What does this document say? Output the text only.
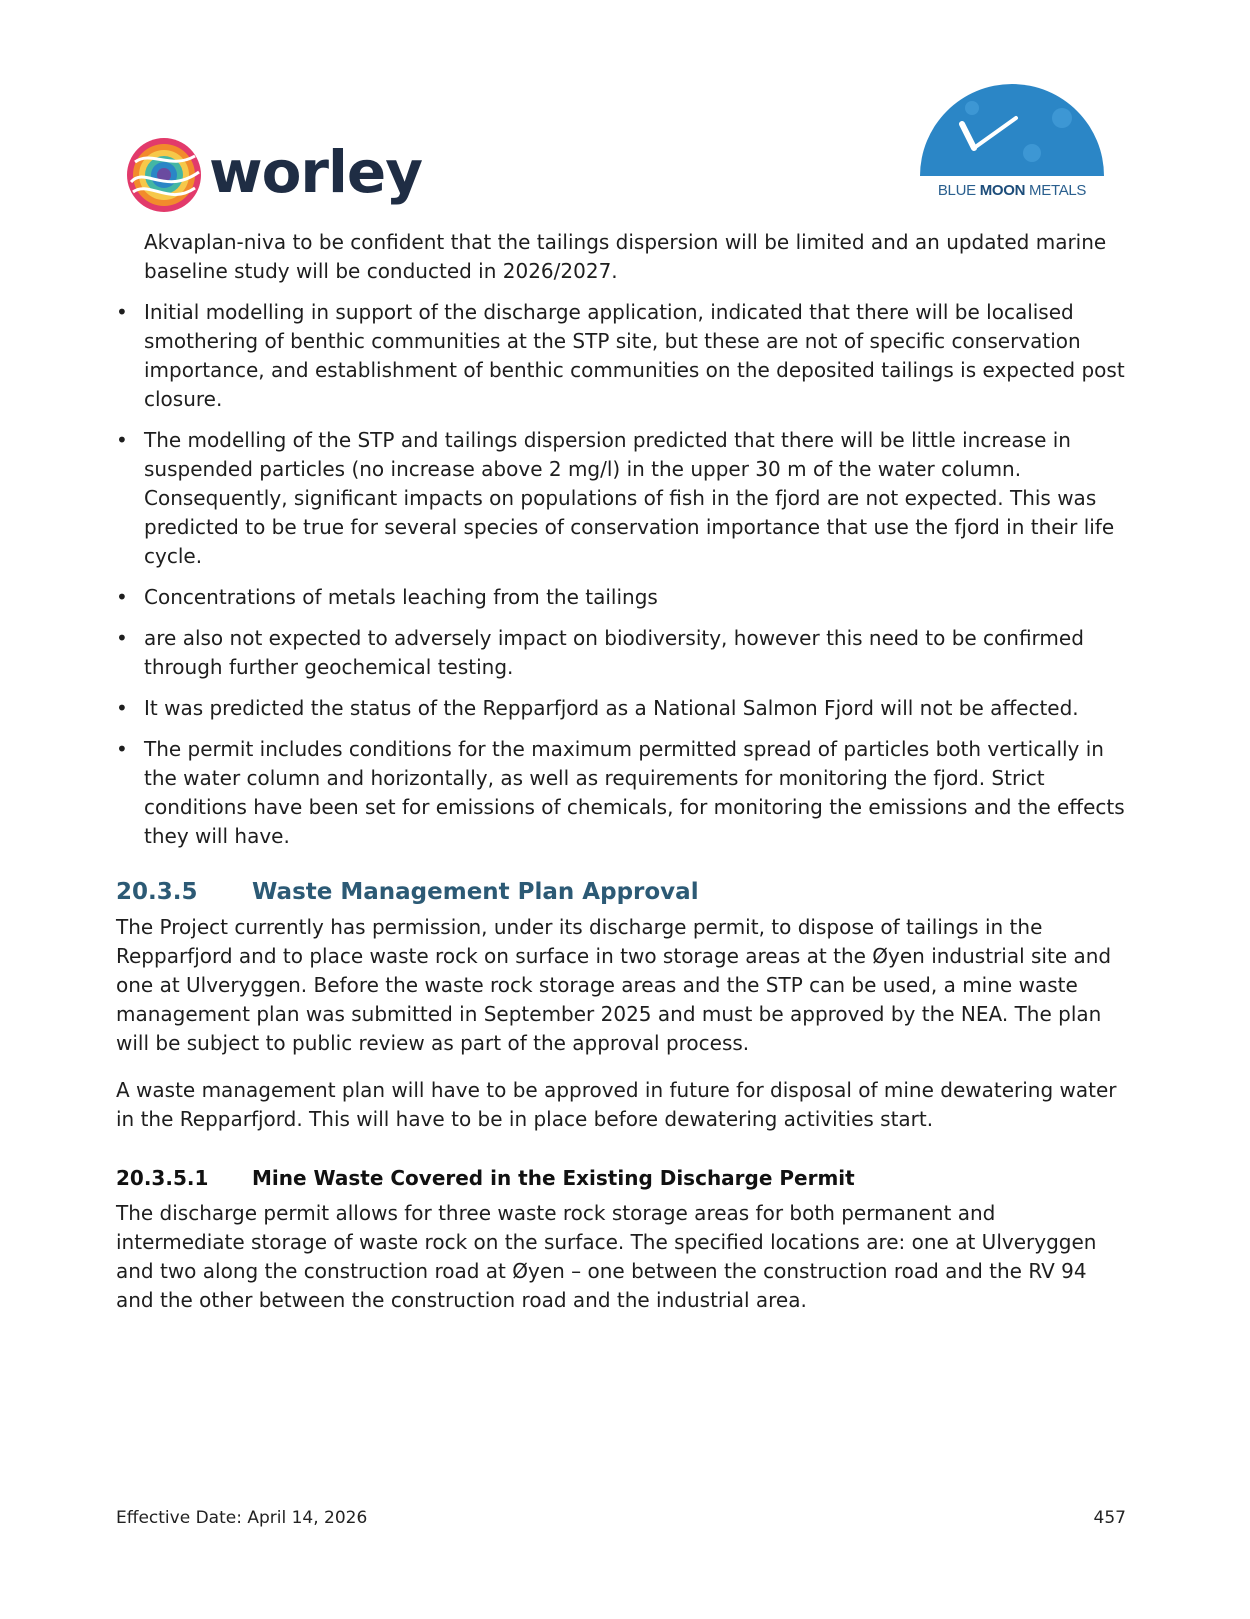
worley	BLUE MOON METALS

Akvaplan-niva to be confident that the tailings dispersion will be limited and an updated marine baseline study will be conducted in 2026/2027.

• Initial modelling in support of the discharge application, indicated that there will be localised smothering of benthic communities at the STP site, but these are not of specific conservation importance, and establishment of benthic communities on the deposited tailings is expected post closure.
• The modelling of the STP and tailings dispersion predicted that there will be little increase in suspended particles (no increase above 2 mg/l) in the upper 30 m of the water column. Consequently, significant impacts on populations of fish in the fjord are not expected. This was predicted to be true for several species of conservation importance that use the fjord in their life cycle.
• Concentrations of metals leaching from the tailings
• are also not expected to adversely impact on biodiversity, however this need to be confirmed through further geochemical testing.
• It was predicted the status of the Repparfjord as a National Salmon Fjord will not be affected.
• The permit includes conditions for the maximum permitted spread of particles both vertically in the water column and horizontally, as well as requirements for monitoring the fjord. Strict conditions have been set for emissions of chemicals, for monitoring the emissions and the effects they will have.
20.3.5 Waste Management Plan Approval

The Project currently has permission, under its discharge permit, to dispose of tailings in the Repparfjord and to place waste rock on surface in two storage areas at the Øyen industrial site and one at Ulveryggen. Before the waste rock storage areas and the STP can be used, a mine waste management plan was submitted in September 2025 and must be approved by the NEA. The plan will be subject to public review as part of the approval process.

A waste management plan will have to be approved in future for disposal of mine dewatering water in the Repparfjord. This will have to be in place before dewatering activities start.

20.3.5.1 Mine Waste Covered in the Existing Discharge Permit

The discharge permit allows for three waste rock storage areas for both permanent and intermediate storage of waste rock on the surface. The specified locations are: one at Ulveryggen and two along the construction road at Øyen – one between the construction road and the RV 94 and the other between the construction road and the industrial area.

Effective Date: April 14, 2026	457
